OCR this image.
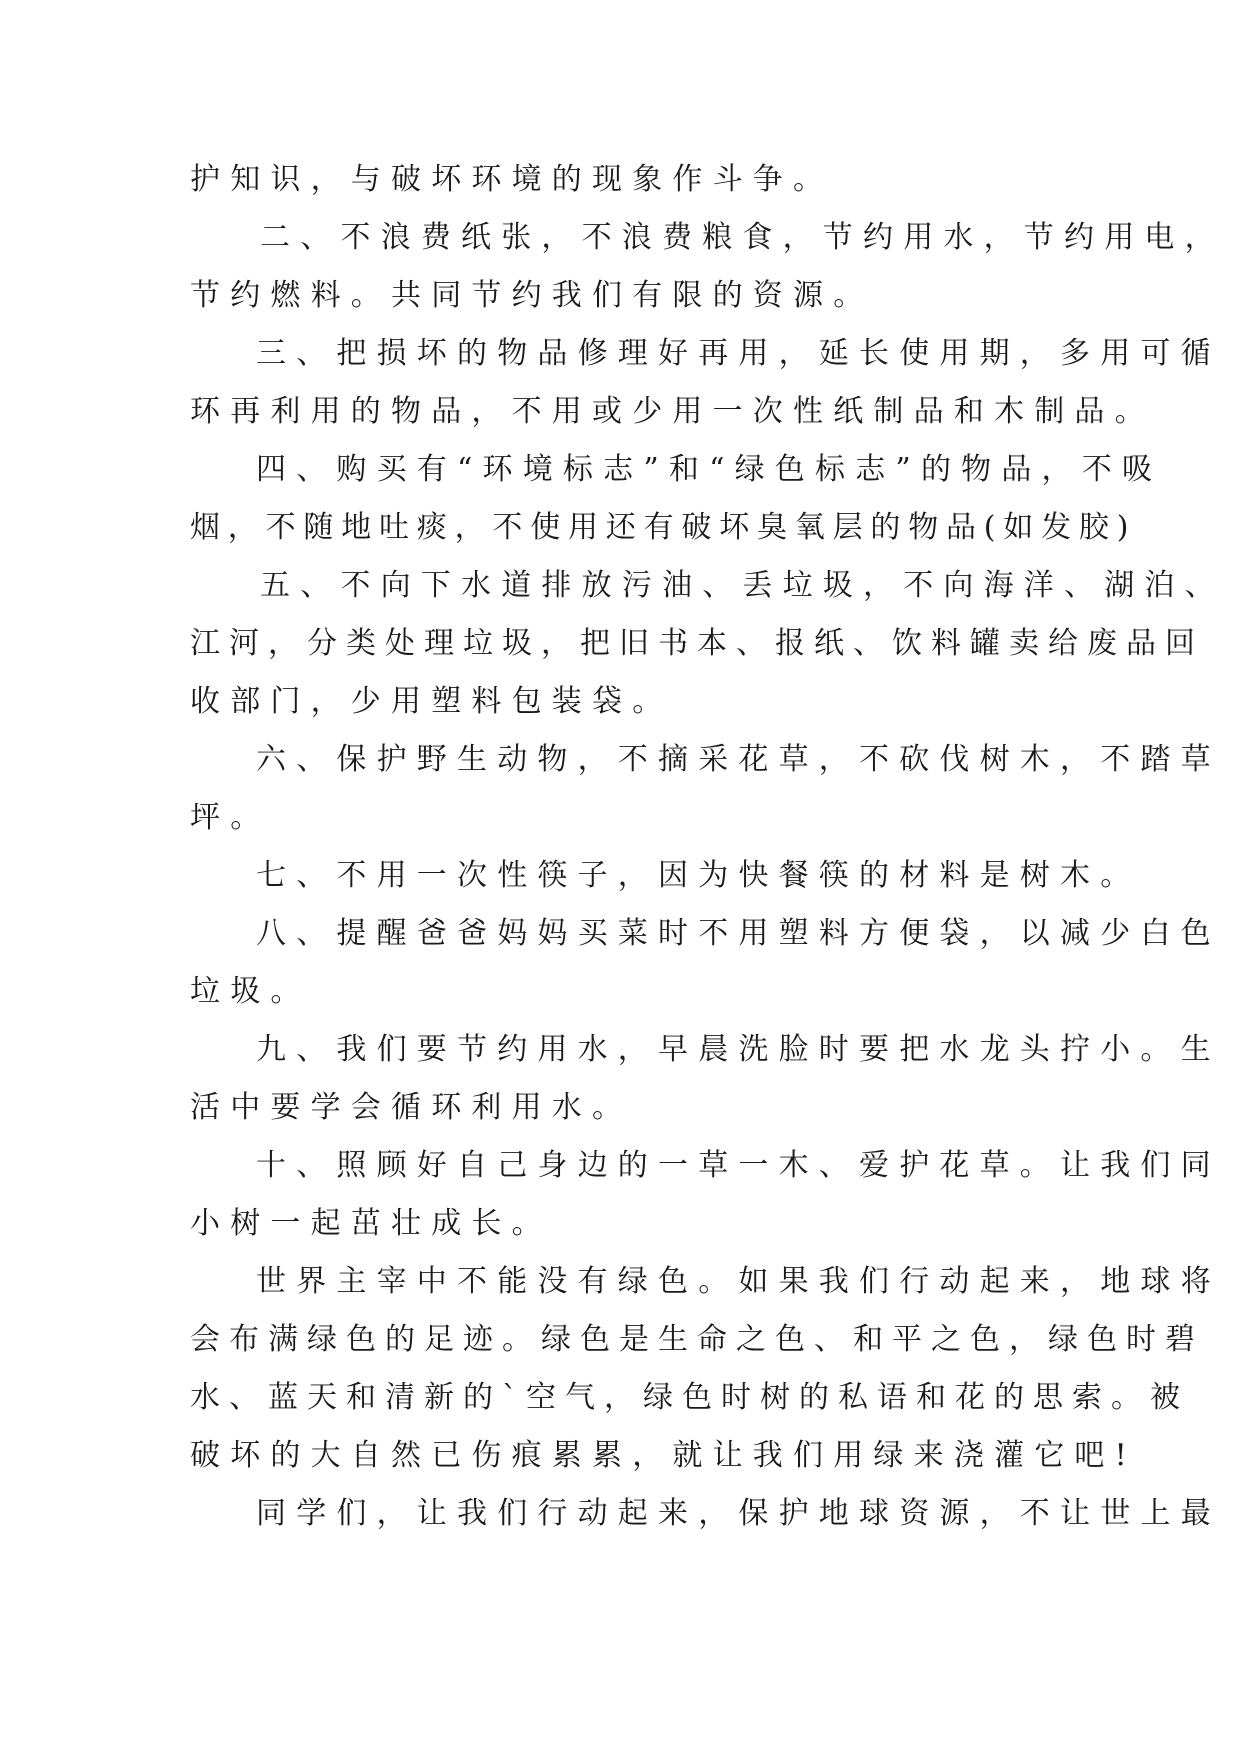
护知识，与破坏环境的现象作斗争。
二、不浪费纸张，不浪费粮食，节约用水，节约用电，
节约燃料。共同节约我们有限的资源。
三、把损坏的物品修理好再用，延长使用期，多用可循
环再利用的物品，不用或少用一次性纸制品和木制品。
四、购买有“环境标志”和“绿色标志”的物品，不吸
烟，不随地吐痰，不使用还有破坏臭氧层的物品(如发胶)
五、不向下水道排放污油、丢垃圾，不向海洋、湖泊、
江河，分类处理垃圾，把旧书本、报纸、饮料罐卖给废品回
收部门，少用塑料包装袋。
六、保护野生动物，不摘采花草，不砍伐树木，不踏草
坪。
七、不用一次性筷子，因为快餐筷的材料是树木。
八、提醒爸爸妈妈买菜时不用塑料方便袋，以减少白色
垃圾。
九、我们要节约用水，早晨洗脸时要把水龙头拧小。生
活中要学会循环利用水。
十、照顾好自己身边的一草一木、爱护花草。让我们同
小树一起茁壮成长。
世界主宰中不能没有绿色。如果我们行动起来，地球将
会布满绿色的足迹。绿色是生命之色、和平之色，绿色时碧
水、蓝天和清新的`空气，绿色时树的私语和花的思索。被
破坏的大自然已伤痕累累，就让我们用绿来浇灌它吧!
同学们，让我们行动起来，保护地球资源，不让世上最
